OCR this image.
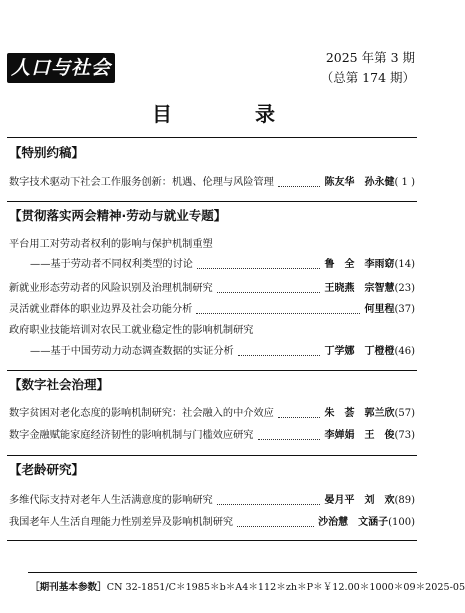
人口与社会	2025 年第 3 期
（总第 174 期）
目 录
【特别约稿】
数字技术驱动下社会工作服务创新：机遇、伦理与风险管理	陈友华　孙永健( 1 )
【贯彻落实两会精神·劳动与就业专题】
平台用工对劳动者权利的影响与保护机制重塑
——基于劳动者不同权利类型的讨论	鲁　全　李雨窈(14)
新就业形态劳动者的风险识别及治理机制研究	王晓燕　宗智慧(23)
灵活就业群体的职业边界及社会功能分析	何里程(37)
政府职业技能培训对农民工就业稳定性的影响机制研究
——基于中国劳动力动态调查数据的实证分析	丁学娜　丁橙橙(46)
【数字社会治理】
数字贫困对老化态度的影响机制研究：社会融入的中介效应	朱　荟　郭兰欣(57)
数字金融赋能家庭经济韧性的影响机制与门槛效应研究	李婵娟　王　俊(73)
【老龄研究】
多维代际支持对老年人生活满意度的影响研究	晏月平　刘　欢(89)
我国老年人生活自理能力性别差异及影响机制研究	沙治慧　文涵子(100)
［期刊基本参数］CN 32-1851/C＊1985＊b＊A4＊112＊zh＊P＊￥12.00＊1000＊09＊2025-05
